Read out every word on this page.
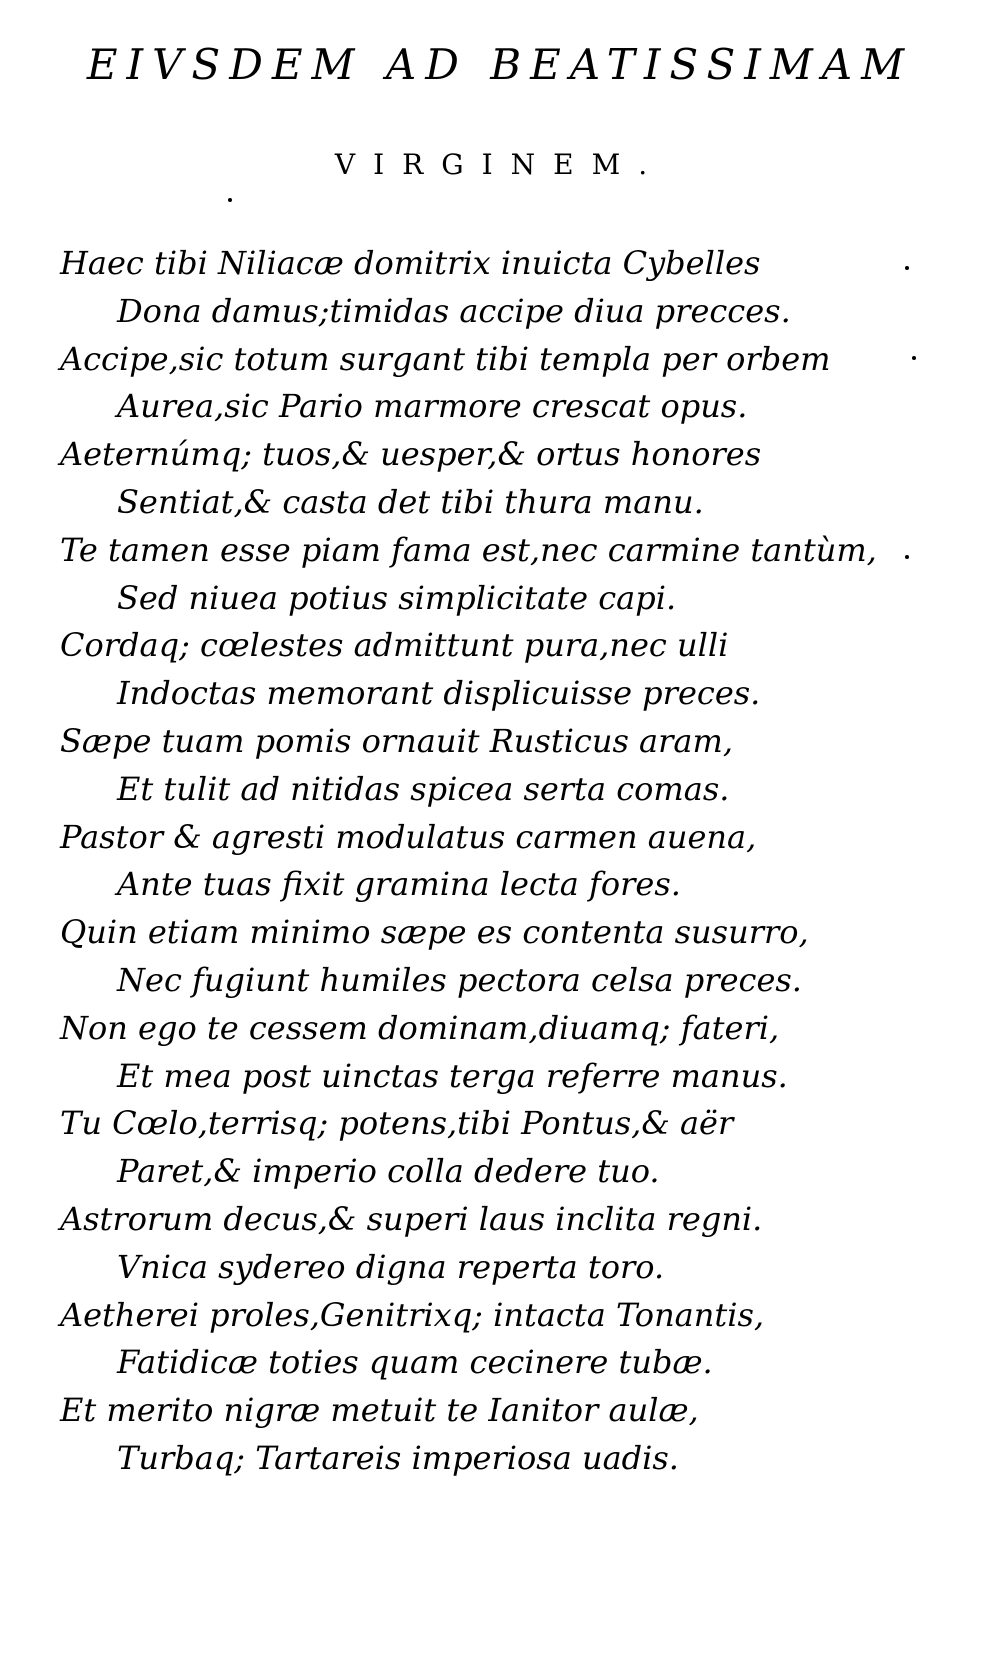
EIVSDEM AD BEATISSIMAM
VIRGINEM.
Haec tibi Niliacæ domitrix inuicta Cybelles
Dona damus;timidas accipe diua precces.
Accipe,sic totum surgant tibi templa per orbem
Aurea,sic Pario marmore crescat opus.
Aeternúmq; tuos,& uesper,& ortus honores
Sentiat,& casta det tibi thura manu.
Te tamen esse piam fama est,nec carmine tantùm,
Sed niuea potius simplicitate capi.
Cordaq; cœlestes admittunt pura,nec ulli
Indoctas memorant displicuisse preces.
Sæpe tuam pomis ornauit Rusticus aram,
Et tulit ad nitidas spicea serta comas.
Pastor & agresti modulatus carmen auena,
Ante tuas fixit gramina lecta fores.
Quin etiam minimo sæpe es contenta susurro,
Nec fugiunt humiles pectora celsa preces.
Non ego te cessem dominam,diuamq; fateri,
Et mea post uinctas terga referre manus.
Tu Cœlo,terrisq; potens,tibi Pontus,& aër
Paret,& imperio colla dedere tuo.
Astrorum decus,& superi laus inclita regni.
Vnica sydereo digna reperta toro.
Aetherei proles,Genitrixq; intacta Tonantis,
Fatidicæ toties quam cecinere tubæ.
Et merito nigræ metuit te Ianitor aulæ,
Turbaq; Tartareis imperiosa uadis.
